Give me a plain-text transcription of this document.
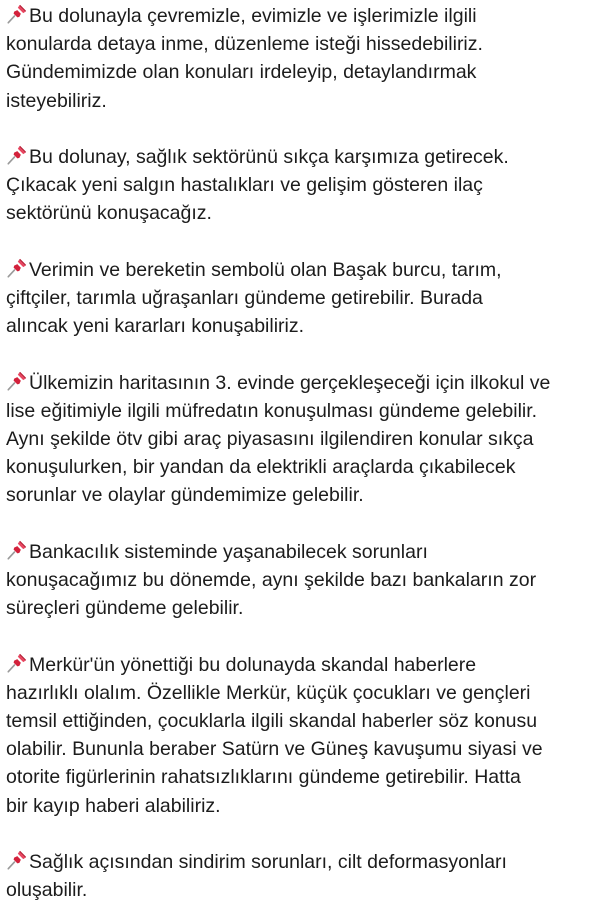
Bu dolunayla çevremizle, evimizle ve işlerimizle ilgili
konularda detaya inme, düzenleme isteği hissedebiliriz.
Gündemimizde olan konuları irdeleyip, detaylandırmak
isteyebiliriz.

Bu dolunay, sağlık sektörünü sıkça karşımıza getirecek.
Çıkacak yeni salgın hastalıkları ve gelişim gösteren ilaç
sektörünü konuşacağız.

Verimin ve bereketin sembolü olan Başak burcu, tarım,
çiftçiler, tarımla uğraşanları gündeme getirebilir. Burada
alıncak yeni kararları konuşabiliriz.

Ülkemizin haritasının 3. evinde gerçekleşeceği için ilkokul ve
lise eğitimiyle ilgili müfredatın konuşulması gündeme gelebilir.
Aynı şekilde ötv gibi araç piyasasını ilgilendiren konular sıkça
konuşulurken, bir yandan da elektrikli araçlarda çıkabilecek
sorunlar ve olaylar gündemimize gelebilir.

Bankacılık sisteminde yaşanabilecek sorunları
konuşacağımız bu dönemde, aynı şekilde bazı bankaların zor
süreçleri gündeme gelebilir.

Merkür'ün yönettiği bu dolunayda skandal haberlere
hazırlıklı olalım. Özellikle Merkür, küçük çocukları ve gençleri
temsil ettiğinden, çocuklarla ilgili skandal haberler söz konusu
olabilir. Bununla beraber Satürn ve Güneş kavuşumu siyasi ve
otorite figürlerinin rahatsızlıklarını gündeme getirebilir. Hatta
bir kayıp haberi alabiliriz.

Sağlık açısından sindirim sorunları, cilt deformasyonları
oluşabilir.
